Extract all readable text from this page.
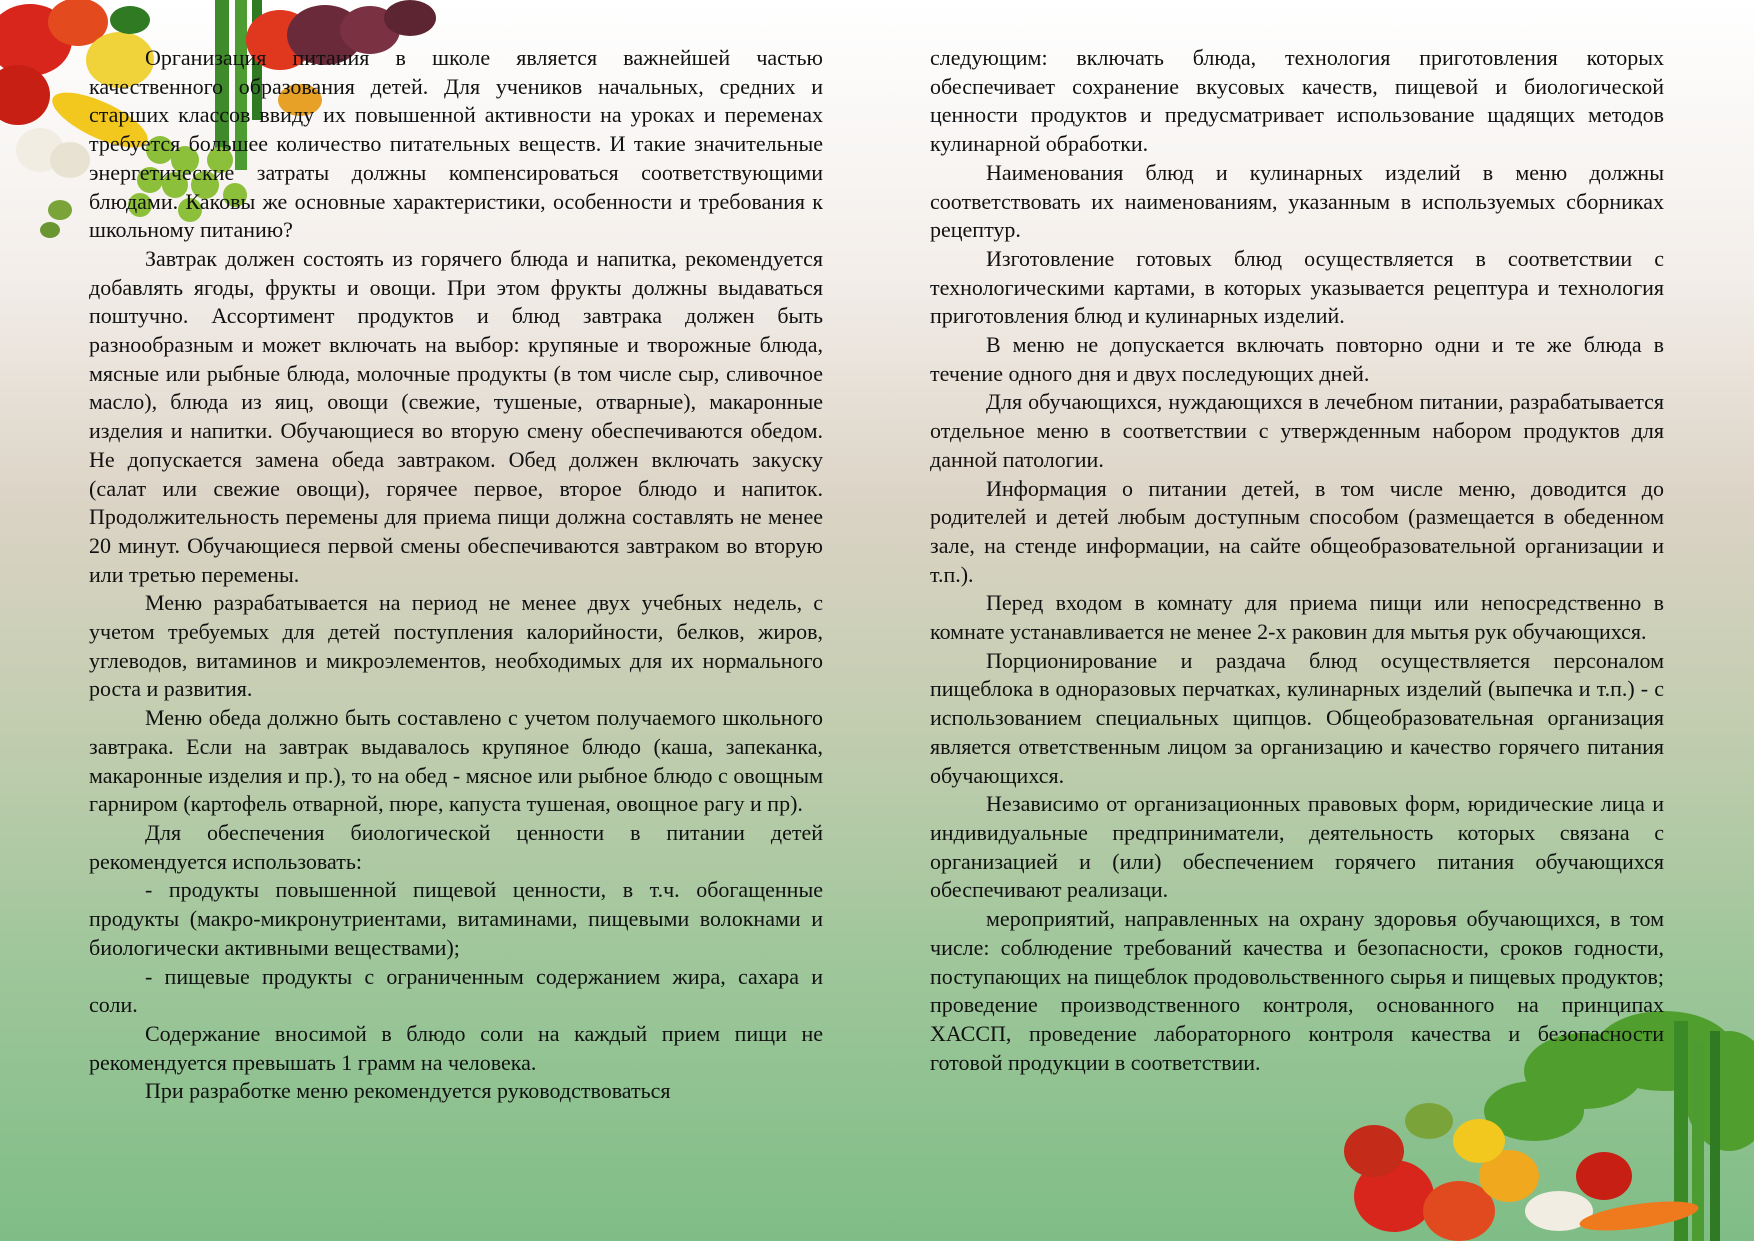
Организация питания в школе является важнейшей частью качественного образования детей. Для учеников начальных, средних и старших классов ввиду их повышенной активности на уроках и переменах требуется большее количество питательных веществ. И такие значительные энергетические затраты должны компенсироваться соответствующими блюдами. Каковы же основные характеристики, особенности и требования к школьному питанию?

Завтрак должен состоять из горячего блюда и напитка, рекомендуется добавлять ягоды, фрукты и овощи. При этом фрукты должны выдаваться поштучно. Ассортимент продуктов и блюд завтрака должен быть разнообразным и может включать на выбор: крупяные и творожные блюда, мясные или рыбные блюда, молочные продукты (в том числе сыр, сливочное масло), блюда из яиц, овощи (свежие, тушеные, отварные), макаронные изделия и напитки. Обучающиеся во вторую смену обеспечиваются обедом. Не допускается замена обеда завтраком. Обед должен включать закуску (салат или свежие овощи), горячее первое, второе блюдо и напиток. Продолжительность перемены для приема пищи должна составлять не менее 20 минут. Обучающиеся первой смены обеспечиваются завтраком во вторую или третью перемены.

Меню разрабатывается на период не менее двух учебных недель, с учетом требуемых для детей поступления калорийности, белков, жиров, углеводов, витаминов и микроэлементов, необходимых для их нормального роста и развития.

Меню обеда должно быть составлено с учетом получаемого школьного завтрака. Если на завтрак выдавалось крупяное блюдо (каша, запеканка, макаронные изделия и пр.), то на обед - мясное или рыбное блюдо с овощным гарниром (картофель отварной, пюре, капуста тушеная, овощное рагу и пр).

Для обеспечения биологической ценности в питании детей рекомендуется использовать:

- продукты повышенной пищевой ценности, в т.ч. обогащенные продукты (макро-микронутриентами, витаминами, пищевыми волокнами и биологически активными веществами);

- пищевые продукты с ограниченным содержанием жира, сахара и соли.

Содержание вносимой в блюдо соли на каждый прием пищи не рекомендуется превышать 1 грамм на человека.

При разработке меню рекомендуется руководствоваться

следующим: включать блюда, технология приготовления которых обеспечивает сохранение вкусовых качеств, пищевой и биологической ценности продуктов и предусматривает использование щадящих методов кулинарной обработки.

Наименования блюд и кулинарных изделий в меню должны соответствовать их наименованиям, указанным в используемых сборниках рецептур.

Изготовление готовых блюд осуществляется в соответствии с технологическими картами, в которых указывается рецептура и технология приготовления блюд и кулинарных изделий.

В меню не допускается включать повторно одни и те же блюда в течение одного дня и двух последующих дней.

Для обучающихся, нуждающихся в лечебном питании, разрабатывается отдельное меню в соответствии с утвержденным набором продуктов для данной патологии.

Информация о питании детей, в том числе меню, доводится до родителей и детей любым доступным способом (размещается в обеденном зале, на стенде информации, на сайте общеобразовательной организации и т.п.).

Перед входом в комнату для приема пищи или непосредственно в комнате устанавливается не менее 2-х раковин для мытья рук обучающихся.

Порционирование и раздача блюд осуществляется персоналом пищеблока в одноразовых перчатках, кулинарных изделий (выпечка и т.п.) - с использованием специальных щипцов. Общеобразовательная организация является ответственным лицом за организацию и качество горячего питания обучающихся.

Независимо от организационных правовых форм, юридические лица и индивидуальные предприниматели, деятельность которых связана с организацией и (или) обеспечением горячего питания обучающихся обеспечивают реализаци.

мероприятий, направленных на охрану здоровья обучающихся, в том числе: соблюдение требований качества и безопасности, сроков годности, поступающих на пищеблок продовольственного сырья и пищевых продуктов; проведение производственного контроля, основанного на принципах ХАССП, проведение лабораторного контроля качества и безопасности готовой продукции в соответствии.
